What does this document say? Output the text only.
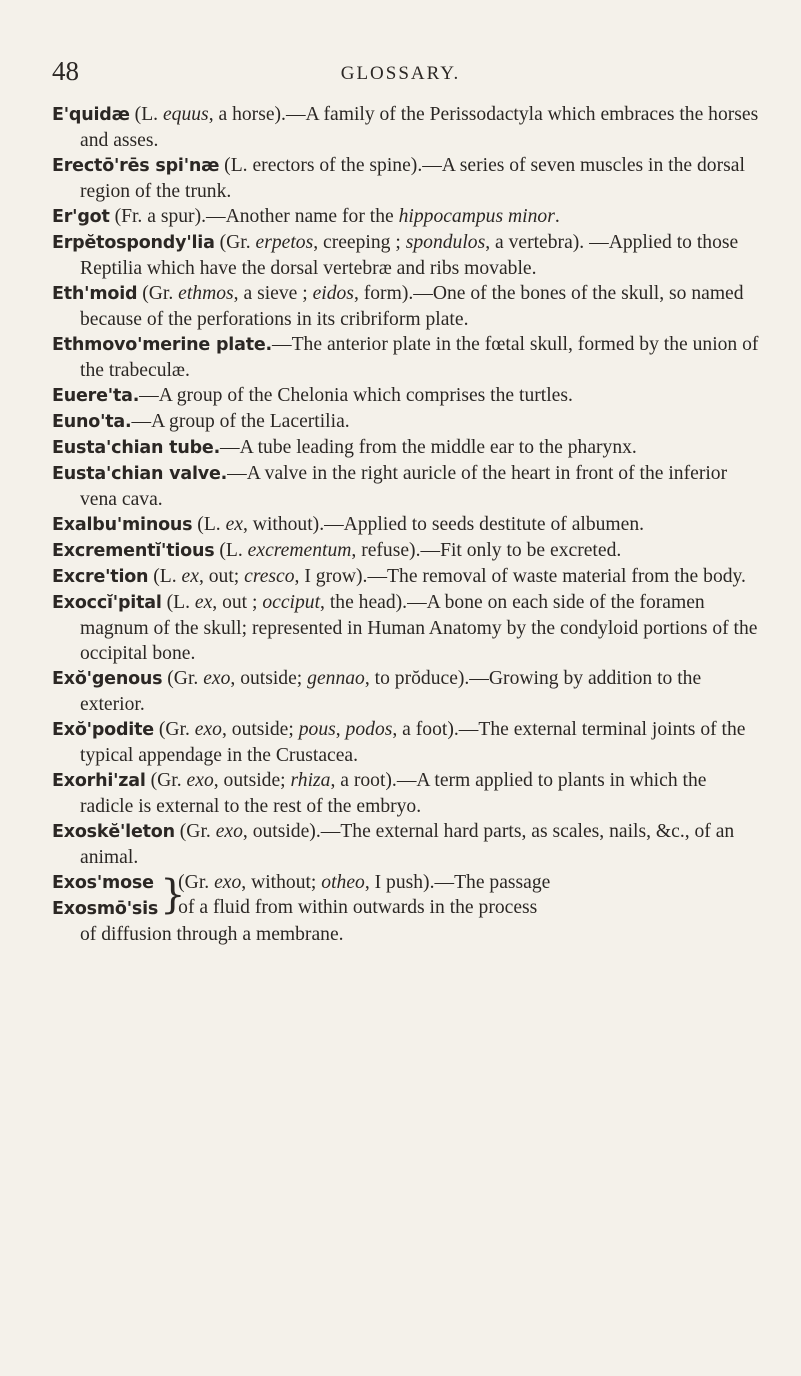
48	GLOSSARY.

E'quidæ (L. equus, a horse).—A family of the Perissodactyla which embraces the horses and asses.

Erectō'rēs spi'næ (L. erectors of the spine).—A series of seven muscles in the dorsal region of the trunk.

Er'got (Fr. a spur).—Another name for the hippocampus minor.

Erpĕtospondy'lia (Gr. erpetos, creeping ; spondulos, a vertebra). —Applied to those Reptilia which have the dorsal vertebræ and ribs movable.

Eth'moid (Gr. ethmos, a sieve ; eidos, form).—One of the bones of the skull, so named because of the perforations in its cribriform plate.

Ethmovo'merine plate.—The anterior plate in the fœtal skull, formed by the union of the trabeculæ.

Euere'ta.—A group of the Chelonia which comprises the turtles.

Euno'ta.—A group of the Lacertilia.

Eusta'chian tube.—A tube leading from the middle ear to the pharynx.

Eusta'chian valve.—A valve in the right auricle of the heart in front of the inferior vena cava.

Exalbu'minous (L. ex, without).—Applied to seeds destitute of albumen.

Excrementĭ'tious (L. excrementum, refuse).—Fit only to be excreted.

Excre'tion (L. ex, out; cresco, I grow).—The removal of waste material from the body.

Exoccĭ'pital (L. ex, out ; occiput, the head).—A bone on each side of the foramen magnum of the skull; represented in Human Anatomy by the condyloid portions of the occipital bone.

Exŏ'genous (Gr. exo, outside; gennao, to prŏduce).—Growing by addition to the exterior.

Exŏ'podite (Gr. exo, outside; pous, podos, a foot).—The external terminal joints of the typical appendage in the Crustacea.

Exorhi'zal (Gr. exo, outside; rhiza, a root).—A term applied to plants in which the radicle is external to the rest of the embryo.

Exoskĕ'leton (Gr. exo, outside).—The external hard parts, as scales, nails, &c., of an animal.

Exos'mose
Exosmō'sis }
(Gr. exo, without; otheo, I push).—The passage
of a fluid from within outwards in the process

of diffusion through a membrane.
